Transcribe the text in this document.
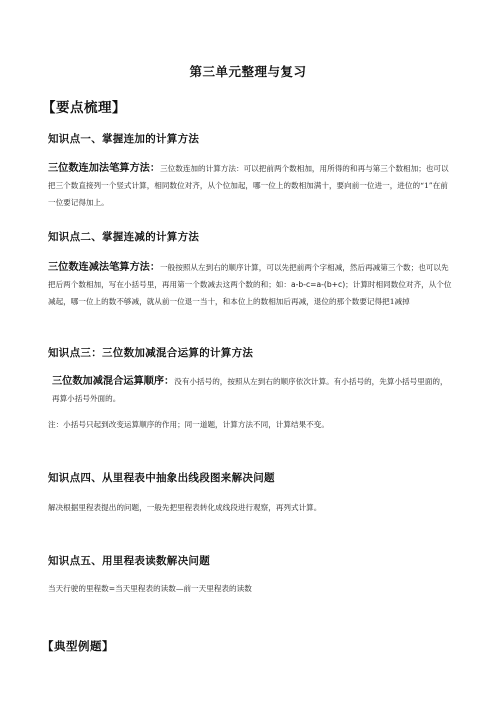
第三单元整理与复习
【要点梳理】
知识点一、掌握连加的计算方法
三位数连加法笔算方法：三位数连加的计算方法：可以把前两个数相加，用所得的和再与第三个数相加；也可以把三个数直接列一个竖式计算，相同数位对齐，从个位加起，哪一位上的数相加满十，要向前一位进一，进位的“1”在前一位要记得加上。
知识点二、掌握连减的计算方法
三位数连减法笔算方法：一般按照从左到右的顺序计算，可以先把前两个字相减，然后再减第三个数；也可以先把后两个数相加，写在小括号里，再用第一个数减去这两个数的和；如：a-b-c=a-(b+c)；计算时相同数位对齐，从个位减起，哪一位上的数不够减，就从前一位退一当十，和本位上的数相加后再减，退位的那个数要记得把1减掉
知识点三：三位数加减混合运算的计算方法
三位数加减混合运算顺序：没有小括号的，按照从左到右的顺序依次计算。有小括号的，先算小括号里面的，再算小括号外面的。
注：小括号只起到改变运算顺序的作用；同一道题，计算方法不同，计算结果不变。
知识点四、从里程表中抽象出线段图来解决问题
解决根据里程表提出的问题，一般先把里程表转化成线段进行观察，再列式计算。
知识点五、用里程表读数解决问题
当天行驶的里程数=当天里程表的读数—前一天里程表的读数
【典型例题】
